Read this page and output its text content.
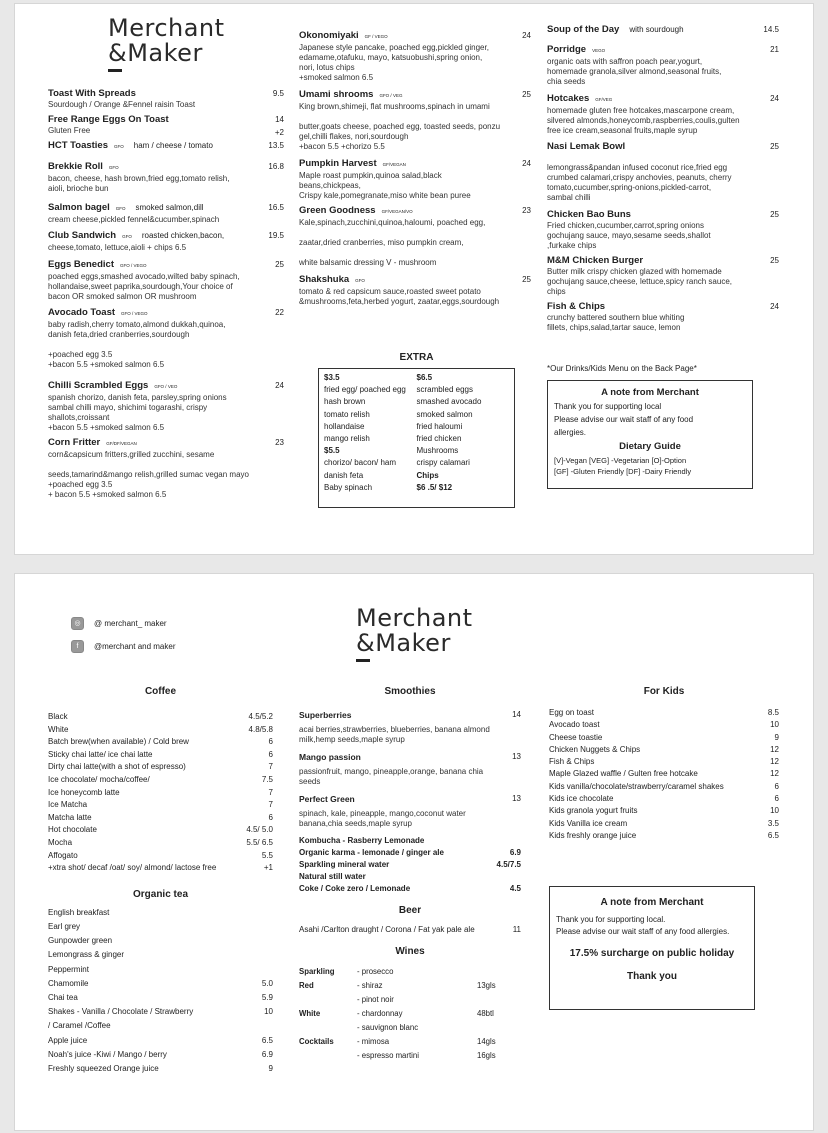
Merchant
&Maker
Toast With Spreads	9.5
Sourdough / Orange &Fennel raisin Toast
Free Range Eggs On Toast	14
+2
Gluten Free
HCT Toasties GFO ham / cheese / tomato	13.5
Brekkie Roll GFO	16.8
bacon, cheese, hash brown,fried egg,tomato relish,
aioli, brioche bun
Salmon bagel GFO smoked salmon,dill	16.5
cream cheese,pickled fennel&cucumber,spinach
Club Sandwich GFO roasted chicken,bacon,	19.5
cheese,tomato, lettuce,aioli + chips 6.5
Eggs Benedict GFO / VEGO	25
poached eggs,smashed avocado,wilted baby spinach,
hollandaise,sweet paprika,sourdough,Your choice of
bacon OR smoked salmon OR mushroom
Avocado Toast GFO / VEGO	22
baby radish,cherry tomato,almond dukkah,quinoa,
danish feta,dried cranberries,sourdough

+poached egg 3.5
+bacon 5.5 +smoked salmon 6.5
Chilli Scrambled Eggs GFO / VEO	24
spanish chorizo, danish feta, parsley,spring onions
sambal chilli mayo, shichimi togarashi, crispy
shallots,croissant
+bacon 5.5 +smoked salmon 6.5
Corn Fritter GF/DF/VEGAN	23
corn&capsicum fritters,grilled zucchini, sesame

seeds,tamarind&mango relish,grilled sumac vegan mayo
+poached egg 3.5
+ bacon 5.5 +smoked salmon 6.5
Okonomiyaki GF / VEGO	24
Japanese style pancake, poached egg,pickled ginger,
edamame,otafuku, mayo, katsuobushi,spring onion,
nori, lotus chips
+smoked salmon 6.5
Umami shrooms GFO / VEG	25
King brown,shimeji, flat mushrooms,spinach in umami

butter,goats cheese, poached egg, toasted seeds, ponzu
gel,chilli flakes, nori,sourdough
+bacon 5.5 +chorizo 5.5
Pumpkin Harvest GF/VEGAN	24
Maple roast pumpkin,quinoa salad,black beans,chickpeas,
Crispy kale,pomegranate,miso white bean puree
Green Goodness GF/VEGAN/VO	23
Kale,spinach,zucchini,quinoa,haloumi, poached egg,

zaatar,dried cranberries, miso pumpkin cream,

white balsamic dressing V - mushroom
Shakshuka GFO	25
tomato & red capsicum sauce,roasted sweet potato
&mushrooms,feta,herbed yogurt, zaatar,eggs,sourdough
Soup of the Day with sourdough	14.5
Porridge VEGO	21
organic oats with saffron poach pear,yogurt,
homemade granola,silver almond,seasonal fruits,
chia seeds
Hotcakes GF/VEG	24
homemade gluten free hotcakes,mascarpone cream,
silvered almonds,honeycomb,raspberries,coulis,gulten
free ice cream,seasonal fruits,maple syrup
Nasi Lemak Bowl	25

lemongrass&pandan infused coconut rice,fried egg
crumbed calamari,crispy anchovies, peanuts, cherry
tomato,cucumber,spring-onions,pickled-carrot,
sambal chilli
Chicken Bao Buns	25
Fried chicken,cucumber,carrot,spring onions
gochujang sauce, mayo,sesame seeds,shallot
,furkake chips
M&M Chicken Burger	25
Butter milk crispy chicken glazed with homemade
gochujang sauce,cheese, lettuce,spicy ranch sauce,
chips
Fish & Chips	24
crunchy battered southern blue whiting
fillets, chips,salad,tartar sauce, lemon
EXTRA
$3.5
fried egg/ poached egg
hash brown
tomato relish
hollandaise
mango relish
$5.5
chorizo/ bacon/ ham
danish feta
Baby spinach
$6.5
scrambled eggs
smashed avocado
smoked salmon
fried haloumi
fried chicken
Mushrooms
crispy calamari
Chips
$6 .5/ $12
*Our Drinks/Kids Menu on the Back Page*
A note from Merchant
Thank you for supporting local
Please advise our wait staff of any food
allergies.
Dietary Guide
[V]-Vegan [VEG] -Vegetarian [O]-Option
[GF] -Gluten Friendly [DF] -Dairy Friendly
Merchant
&Maker
◎	@ merchant_ maker
f	@merchant and maker
Coffee
Black	4.5/5.2
White	4.8/5.8
Batch brew(when available) / Cold brew	6
Sticky chai latte/ ice chai latte	6
Dirty chai latte(with a shot of espresso)	7
Ice chocolate/ mocha/coffee/	7.5
Ice honeycomb latte	7
Ice Matcha	7
Matcha latte	6
Hot chocolate	4.5/ 5.0
Mocha	5.5/ 6.5
Affogato	5.5
+xtra shot/ decaf /oat/ soy/ almond/ lactose free	+1
Organic tea
English breakfast
Earl grey
Gunpowder green
Lemongrass & ginger
Peppermint
Chamomile	5.0
Chai tea	5.9
Shakes - Vanilla / Chocolate / Strawberry	10
/ Caramel /Coffee
Apple juice	6.5
Noah's juice -Kiwi / Mango / berry	6.9
Freshly squeezed Orange juice	9
Smoothies
Superberries	14
acai berries,strawberries, blueberries, banana almond milk,hemp seeds,maple syrup
Mango passion	13
passionfruit, mango, pineapple,orange, banana chia seeds
Perfect Green	13
spinach, kale, pineapple, mango,coconut water banana,chia seeds,maple syrup
Kombucha - Rasberry Lemonade
Organic karma - lemonade / ginger ale	6.9
Sparkling mineral water	4.5/7.5
Natural still water
Coke / Coke zero / Lemonade	4.5
Beer
Asahi /Carlton draught / Corona / Fat yak pale ale	11
Wines
Sparkling	- prosecco
Red	- shiraz	13gls
- pinot noir
White	- chardonnay	48btl
- sauvignon blanc
Cocktails	- mimosa	14gls
- espresso martini	16gls
For Kids
Egg on toast	8.5
Avocado toast	10
Cheese toastie	9
Chicken Nuggets & Chips	12
Fish & Chips	12
Maple Glazed waffle / Gulten free hotcake	12
Kids vanilla/chocolate/strawberry/caramel shakes	6
Kids ice chocolate	6
Kids granola yogurt fruits	10
Kids Vanilla ice cream	3.5
Kids freshly orange juice	6.5
A note from Merchant
Thank you for supporting local.
Please advise our wait staff of any food allergies.
17.5% surcharge on public holiday
Thank you
